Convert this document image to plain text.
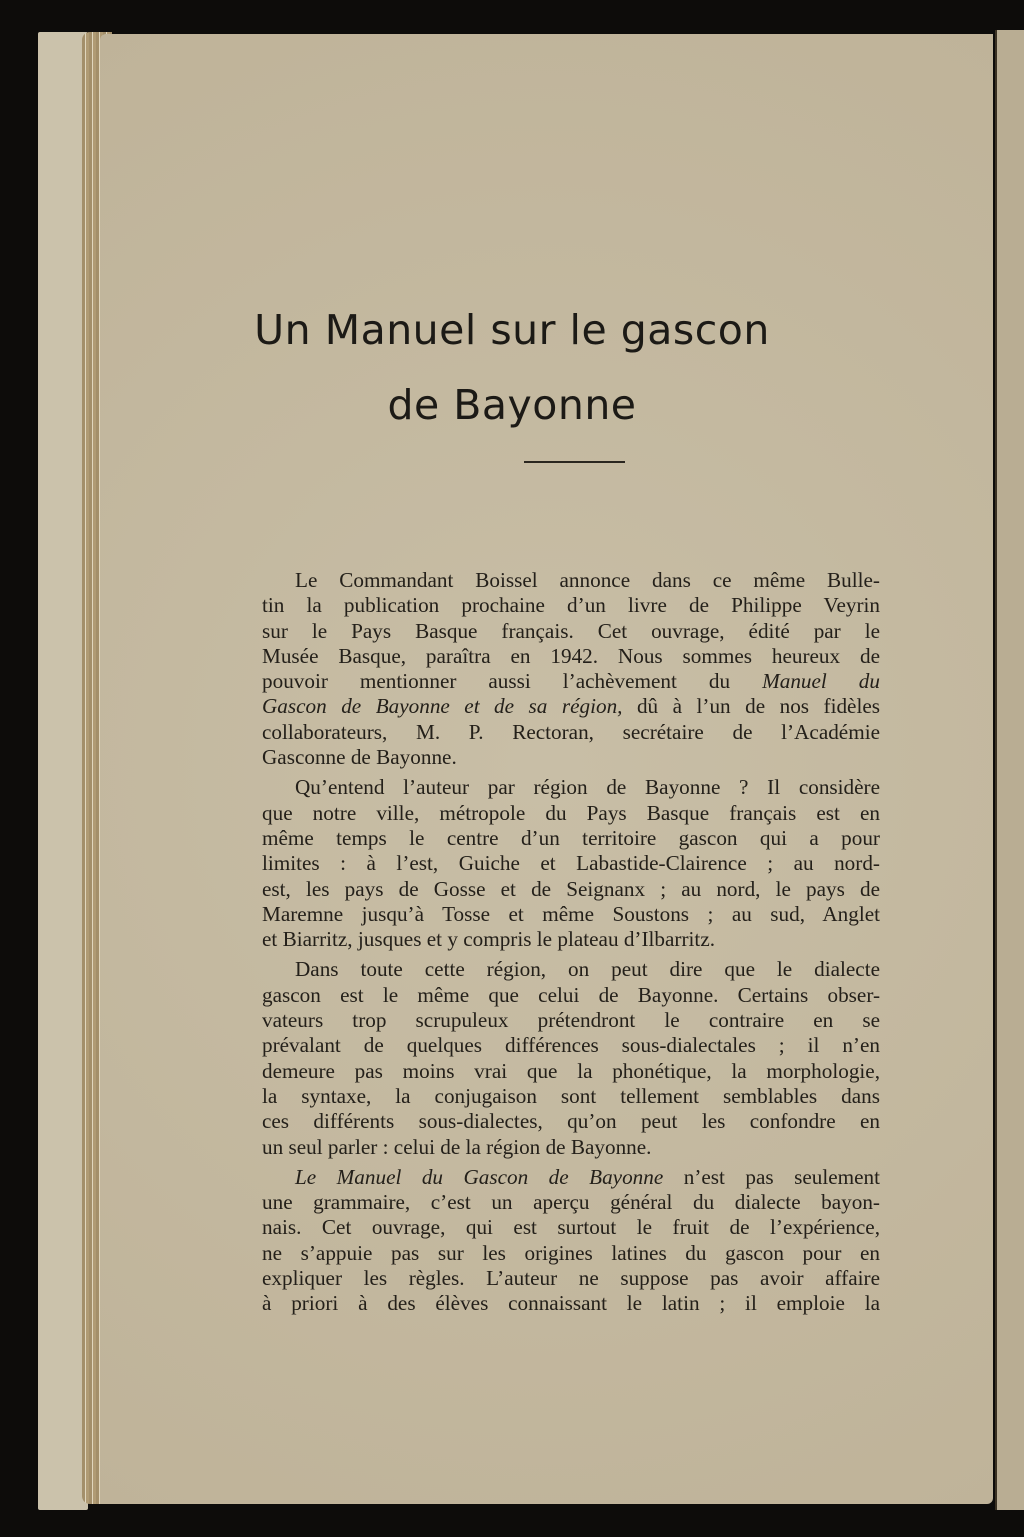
Un Manuel sur le gascon
de Bayonne
Le Commandant Boissel annonce dans ce même Bulle-
tin la publication prochaine d’un livre de Philippe Veyrin
sur le Pays Basque français. Cet ouvrage, édité par le
Musée Basque, paraîtra en 1942. Nous sommes heureux de
pouvoir mentionner aussi l’achèvement du Manuel du
Gascon de Bayonne et de sa région, dû à l’un de nos fidèles
collaborateurs, M. P. Rectoran, secrétaire de l’Académie
Gasconne de Bayonne.
Qu’entend l’auteur par région de Bayonne ? Il considère
que notre ville, métropole du Pays Basque français est en
même temps le centre d’un territoire gascon qui a pour
limites : à l’est, Guiche et Labastide-Clairence ; au nord-
est, les pays de Gosse et de Seignanx ; au nord, le pays de
Maremne jusqu’à Tosse et même Soustons ; au sud, Anglet
et Biarritz, jusques et y compris le plateau d’Ilbarritz.
Dans toute cette région, on peut dire que le dialecte
gascon est le même que celui de Bayonne. Certains obser-
vateurs trop scrupuleux prétendront le contraire en se
prévalant de quelques différences sous-dialectales ; il n’en
demeure pas moins vrai que la phonétique, la morphologie,
la syntaxe, la conjugaison sont tellement semblables dans
ces différents sous-dialectes, qu’on peut les confondre en
un seul parler : celui de la région de Bayonne.
Le Manuel du Gascon de Bayonne n’est pas seulement
une grammaire, c’est un aperçu général du dialecte bayon-
nais. Cet ouvrage, qui est surtout le fruit de l’expérience,
ne s’appuie pas sur les origines latines du gascon pour en
expliquer les règles. L’auteur ne suppose pas avoir affaire
à priori à des élèves connaissant le latin ; il emploie la
